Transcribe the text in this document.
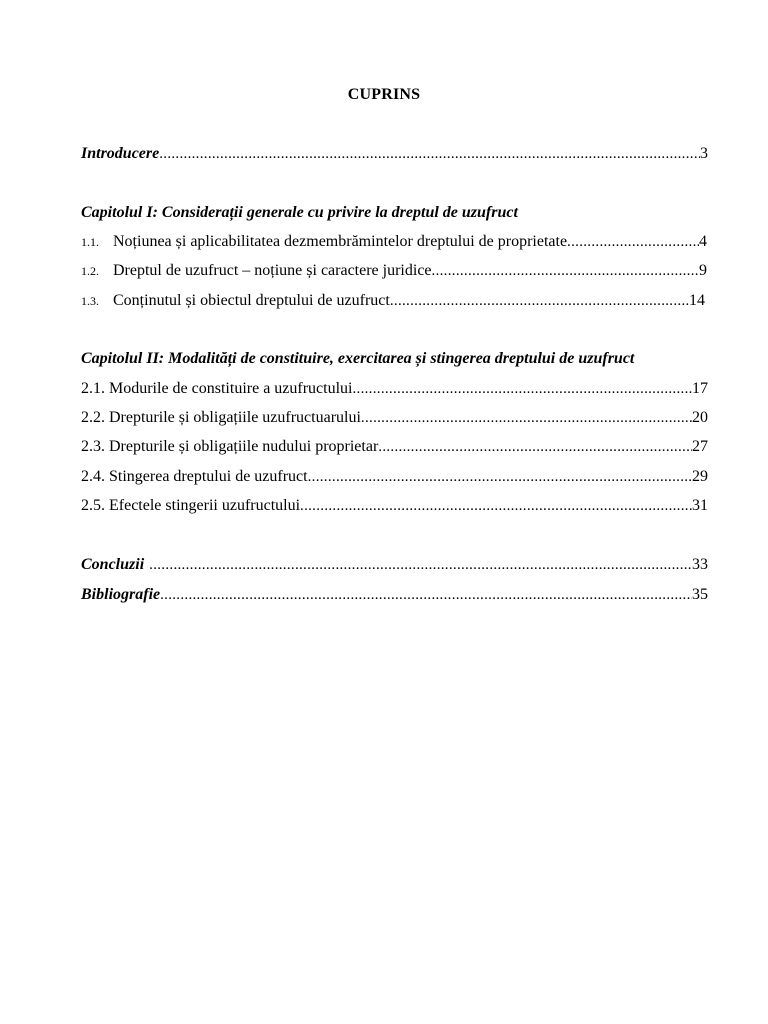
CUPRINS
Introducere .....	3
Capitolul I: Considerații generale cu privire la dreptul de uzufruct
1.1. Noțiunea și aplicabilitatea dezmembrămintelor dreptului de proprietate .....	4
1.2. Dreptul de uzufruct – noțiune și caractere juridice .....	9
1.3. Conținutul și obiectul dreptului de uzufruct .....	14
Capitolul II: Modalități de constituire, exercitarea și stingerea dreptului de uzufruct
2.1. Modurile de constituire a uzufructului .....	17
2.2. Drepturile și obligațiile uzufructuarului .....	20
2.3. Drepturile și obligațiile nudului proprietar .....	27
2.4. Stingerea dreptului de uzufruct .....	29
2.5. Efectele stingerii uzufructului .....	31
Concluzii .....	33
Bibliografie .....	35
